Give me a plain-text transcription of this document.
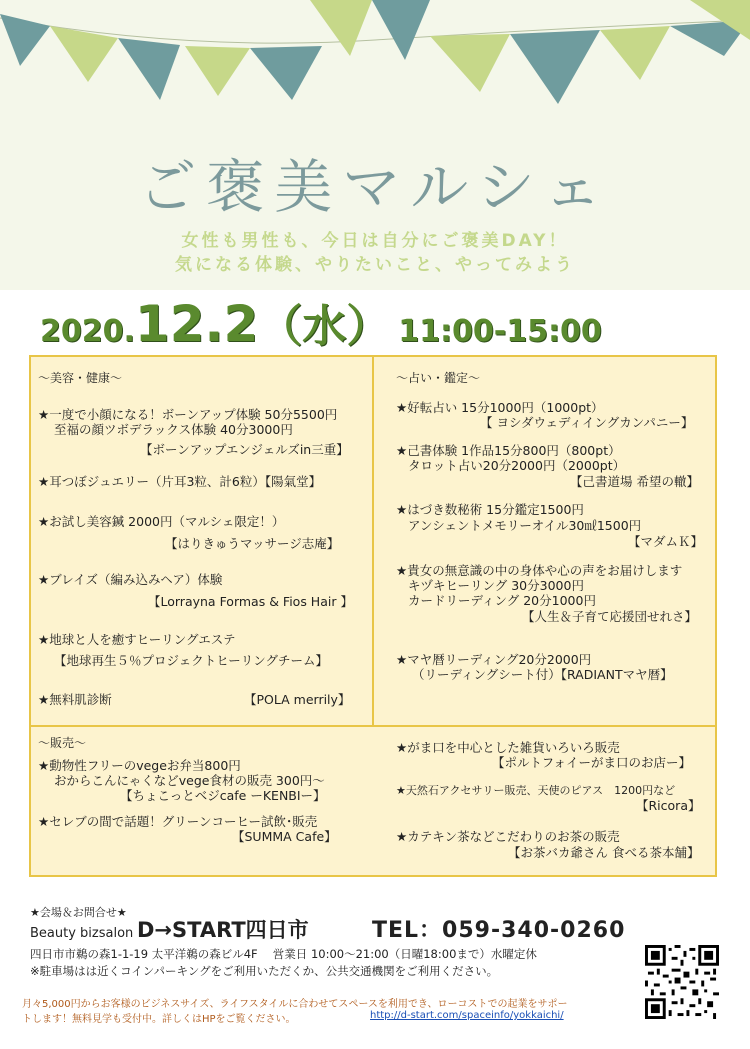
ご褒美マルシェ
女性も男性も、今日は自分にご褒美DAY！
気になる体験、やりたいこと、やってみよう
2020.12.2（水） 11:00-15:00
～美容・健康～
★一度で小顔になる！ボーンアップ体験 50分5500円
至福の顔ツボデラックス体験 40分3000円
【ボーンアップエンジェルズin三重】
★耳つぼジュエリー（片耳3粒、計6粒）【陽氣堂】
★お試し美容鍼 2000円（マルシェ限定！）
【はりきゅうマッサージ志庵】
★ブレイズ（編み込みヘア）体験
【Lorrayna Formas & Fios Hair 】
★地球と人を癒すヒーリングエステ
【地球再生５％プロジェクトヒーリングチーム】
★無料肌診断	【POLA merrily】
～占い・鑑定～
★好転占い 15分1000円（1000pt）
【 ヨシダウェディイングカンパニー】
★己書体験 1作品15分800円（800pt）
タロット占い20分2000円（2000pt）
【己書道場 希望の轍】
★はづき数秘術 15分鑑定1500円
アンシェントメモリーオイル30㎖1500円
【マダムＫ】
★貴女の無意識の中の身体や心の声をお届けします
キヅキヒーリング 30分3000円
カードリーディング 20分1000円
【人生＆子育て応援団せれさ】
★マヤ暦リーディング20分2000円
（リーディングシート付）【RADIANTマヤ暦】
～販売～
★動物性フリーのvegeお弁当800円
おからこんにゃくなどvege食材の販売 300円～
【ちょこっとベジcafe ーKENBIー】
★セレブの間で話題！グリーンコーヒー試飲･販売
【SUMMA Cafe】
★がま口を中心とした雑貨いろいろ販売
【ポルトフォイーがま口のお店ー】
★天然石アクセサリー販売、天使のピアス　1200円など
【Ricora】
★カテキン茶などこだわりのお茶の販売
【お茶バカ爺さん 食べる茶本舗】
★会場＆お問合せ★
Beauty bizsalon D→START四日市	TEL：059-340-0260
四日市市鵜の森1-1-19 太平洋鵜の森ビル4F　 営業日 10:00～21:00（日曜18:00まで）水曜定休
※駐車場はは近くコインパーキングをご利用いただくか、公共交通機関をご利用ください。
月々5,000円からお客様のビジネスサイズ、ライフスタイルに合わせてスペースを利用でき、ローコストでの起業をサポー
トします！無料見学も受付中。詳しくはHPをご覧ください。	http://d-start.com/spaceinfo/yokkaichi/
